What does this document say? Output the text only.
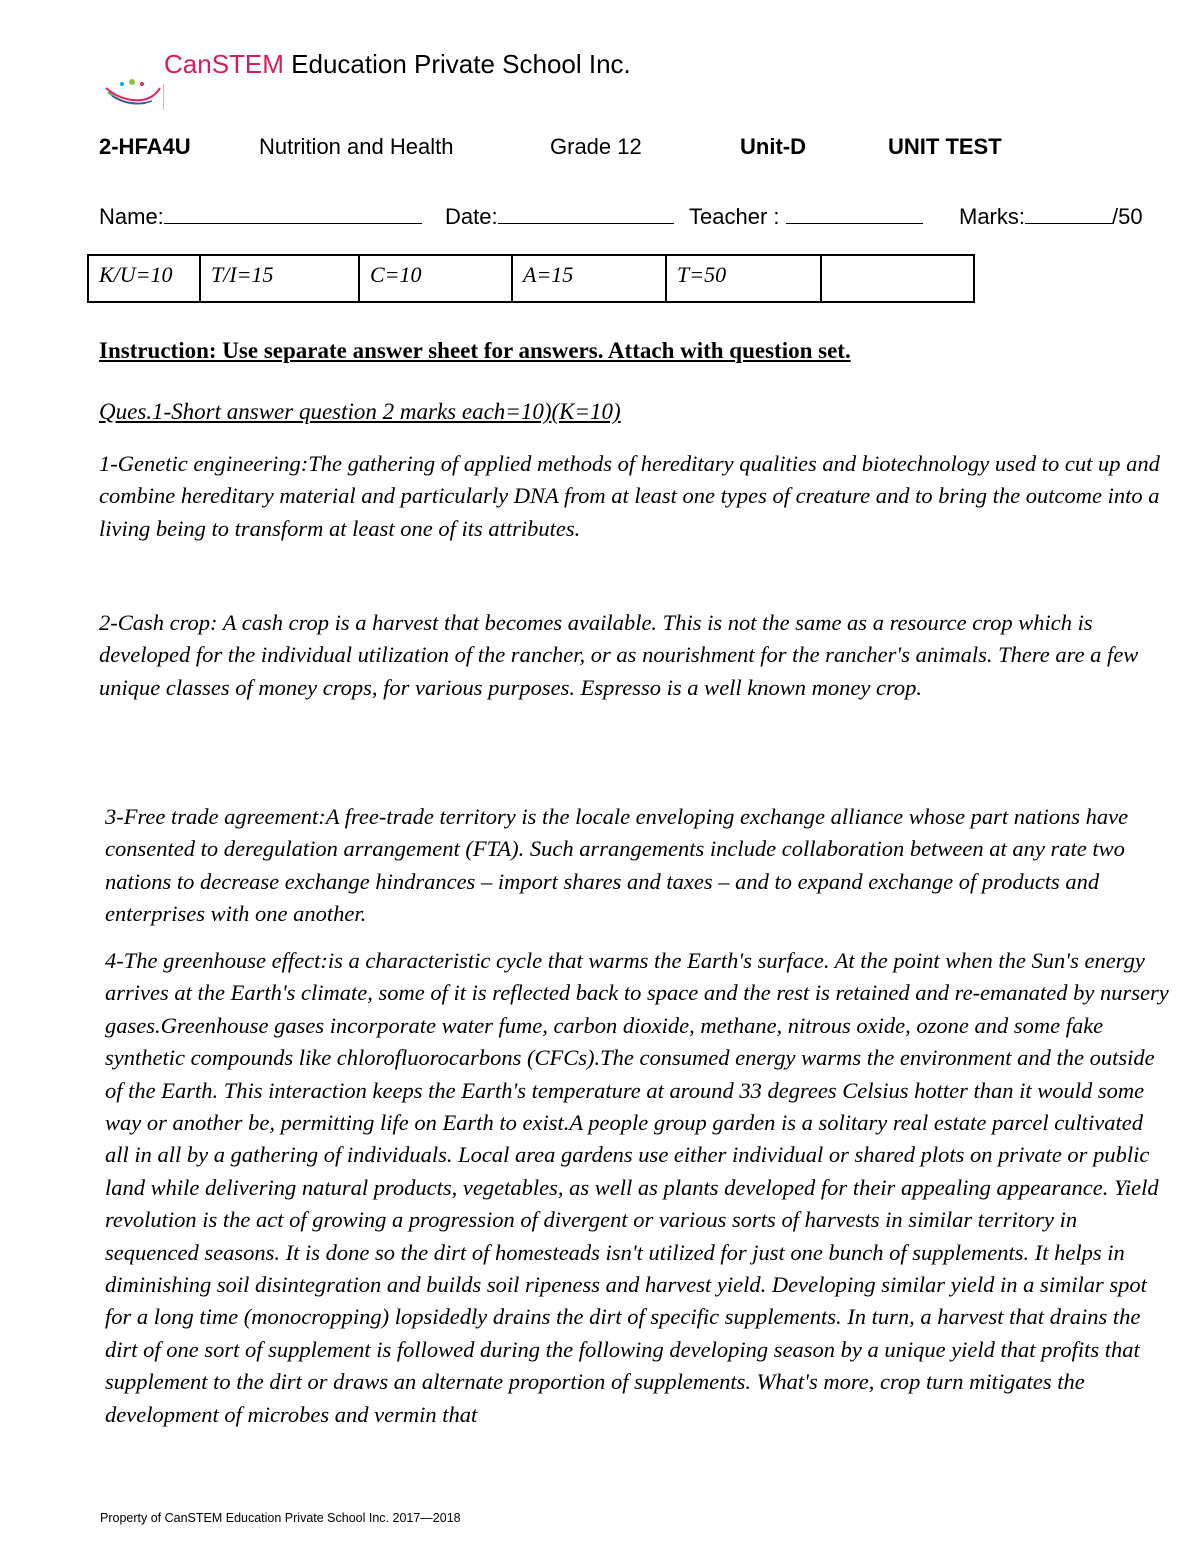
CanSTEM Education Private School Inc.
2-HFA4U	Nutrition and Health	Grade 12	Unit-D	UNIT TEST
Name:	Date:	Teacher :	Marks:	/50
K/U=10	T/I=15	C=10	A=15	T=50	
Instruction: Use separate answer sheet for answers. Attach with question set.
Ques.1-Short answer question 2 marks each=10)(K=10)

1-Genetic engineering:The gathering of applied methods of hereditary qualities and biotechnology used to cut up and combine hereditary material and particularly DNA from at least one types of creature and to bring the outcome into a living being to transform at least one of its attributes.

2-Cash crop: A cash crop is a harvest that becomes available. This is not the same as a resource crop which is developed for the individual utilization of the rancher, or as nourishment for the rancher's animals. There are a few unique classes of money crops, for various purposes. Espresso is a well known money crop.

3-Free trade agreement:A free-trade territory is the locale enveloping exchange alliance whose part nations have consented to deregulation arrangement (FTA). Such arrangements include collaboration between at any rate two nations to decrease exchange hindrances – import shares and taxes – and to expand exchange of products and enterprises with one another.

4-The greenhouse effect:is a characteristic cycle that warms the Earth's surface. At the point when the Sun's energy arrives at the Earth's climate, some of it is reflected back to space and the rest is retained and re-emanated by nursery gases.Greenhouse gases incorporate water fume, carbon dioxide, methane, nitrous oxide, ozone and some fake synthetic compounds like chlorofluorocarbons (CFCs).The consumed energy warms the environment and the outside of the Earth. This interaction keeps the Earth's temperature at around 33 degrees Celsius hotter than it would some way or another be, permitting life on Earth to exist.A people group garden is a solitary real estate parcel cultivated all in all by a gathering of individuals. Local area gardens use either individual or shared plots on private or public land while delivering natural products, vegetables, as well as plants developed for their appealing appearance. Yield revolution is the act of growing a progression of divergent or various sorts of harvests in similar territory in sequenced seasons. It is done so the dirt of homesteads isn't utilized for just one bunch of supplements. It helps in diminishing soil disintegration and builds soil ripeness and harvest yield. Developing similar yield in a similar spot for a long time (monocropping) lopsidedly drains the dirt of specific supplements. In turn, a harvest that drains the dirt of one sort of supplement is followed during the following developing season by a unique yield that profits that supplement to the dirt or draws an alternate proportion of supplements. What's more, crop turn mitigates the development of microbes and vermin that

Property of CanSTEM Education Private School Inc. 2017—2018
